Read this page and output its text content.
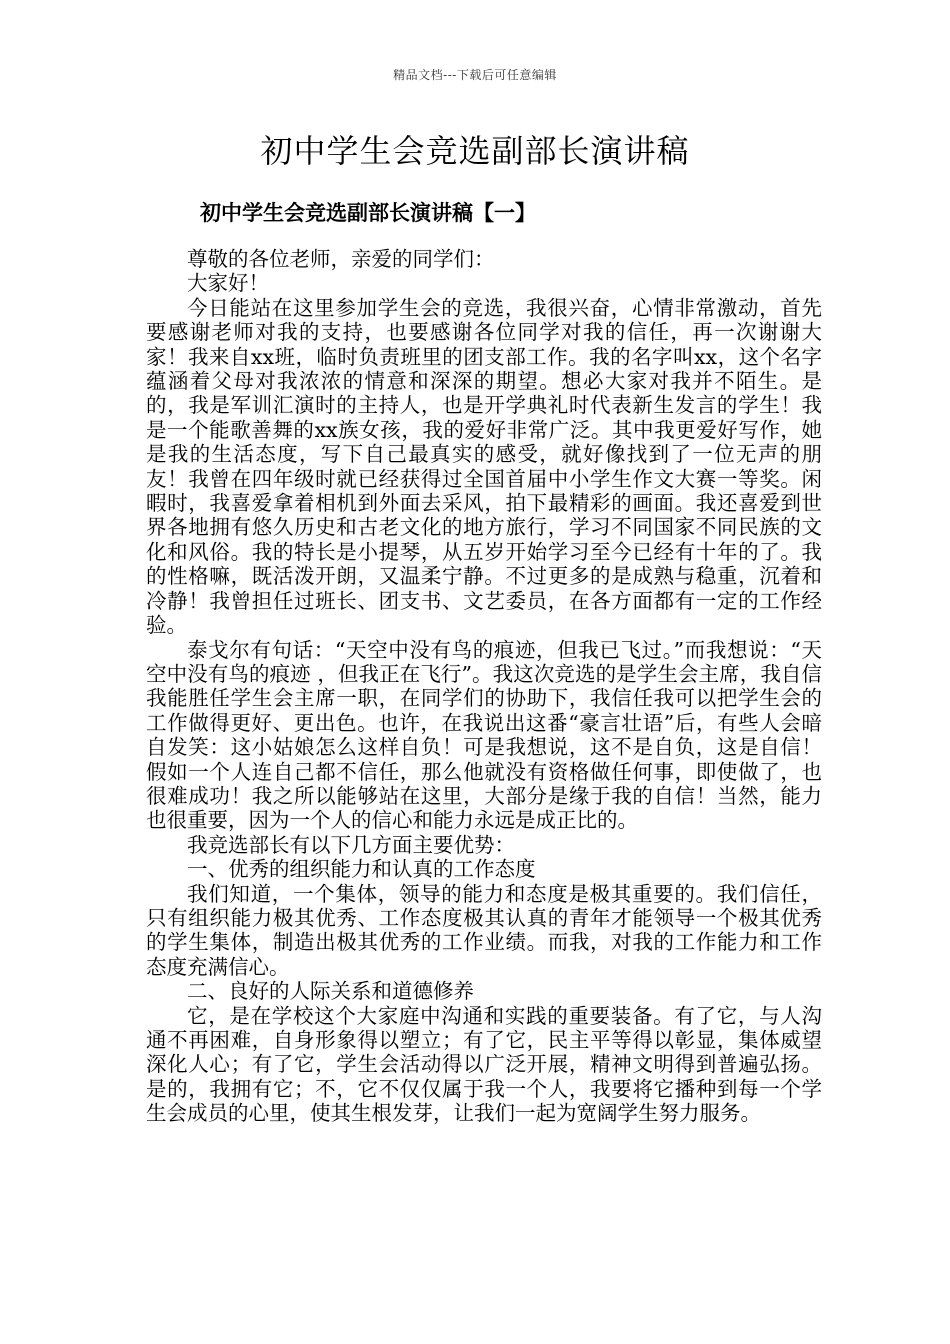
精品文档---下载后可任意编辑
初中学生会竞选副部长演讲稿
初中学生会竞选副部长演讲稿【一】

尊敬的各位老师，亲爱的同学们：

大家好！

今日能站在这里参加学生会的竞选，我很兴奋，心情非常激动，首先要感谢老师对我的支持，也要感谢各位同学对我的信任，再一次谢谢大家！我来自xx班，临时负责班里的团支部工作。我的名字叫xx，这个名字蕴涵着父母对我浓浓的情意和深深的期望。想必大家对我并不陌生。是的，我是军训汇演时的主持人，也是开学典礼时代表新生发言的学生！我是一个能歌善舞的xx族女孩，我的爱好非常广泛。其中我更爱好写作，她是我的生活态度，写下自己最真实的感受，就好像找到了一位无声的朋友！我曾在四年级时就已经获得过全国首届中小学生作文大赛一等奖。闲暇时，我喜爱拿着相机到外面去采风，拍下最精彩的画面。我还喜爱到世界各地拥有悠久历史和古老文化的地方旅行，学习不同国家不同民族的文化和风俗。我的特长是小提琴，从五岁开始学习至今已经有十年的了。我的性格嘛，既活泼开朗，又温柔宁静。不过更多的是成熟与稳重，沉着和冷静！我曾担任过班长、团支书、文艺委员，在各方面都有一定的工作经验。

泰戈尔有句话：“天空中没有鸟的痕迹，但我已飞过。”而我想说：“天空中没有鸟的痕迹 ，但我正在飞行”。我这次竞选的是学生会主席，我自信我能胜任学生会主席一职，在同学们的协助下，我信任我可以把学生会的工作做得更好、更出色。也许，在我说出这番“豪言壮语”后，有些人会暗自发笑：这小姑娘怎么这样自负！可是我想说，这不是自负，这是自信！假如一个人连自己都不信任，那么他就没有资格做任何事，即使做了，也很难成功！我之所以能够站在这里，大部分是缘于我的自信！当然，能力也很重要，因为一个人的信心和能力永远是成正比的。

我竞选部长有以下几方面主要优势：

一、优秀的组织能力和认真的工作态度

我们知道，一个集体，领导的能力和态度是极其重要的。我们信任，只有组织能力极其优秀、工作态度极其认真的青年才能领导一个极其优秀的学生集体，制造出极其优秀的工作业绩。而我，对我的工作能力和工作态度充满信心。

二、良好的人际关系和道德修养

它，是在学校这个大家庭中沟通和实践的重要装备。有了它，与人沟通不再困难，自身形象得以塑立；有了它，民主平等得以彰显，集体威望深化人心；有了它，学生会活动得以广泛开展，精神文明得到普遍弘扬。是的，我拥有它；不，它不仅仅属于我一个人，我要将它播种到每一个学生会成员的心里，使其生根发芽，让我们一起为宽阔学生努力服务。
